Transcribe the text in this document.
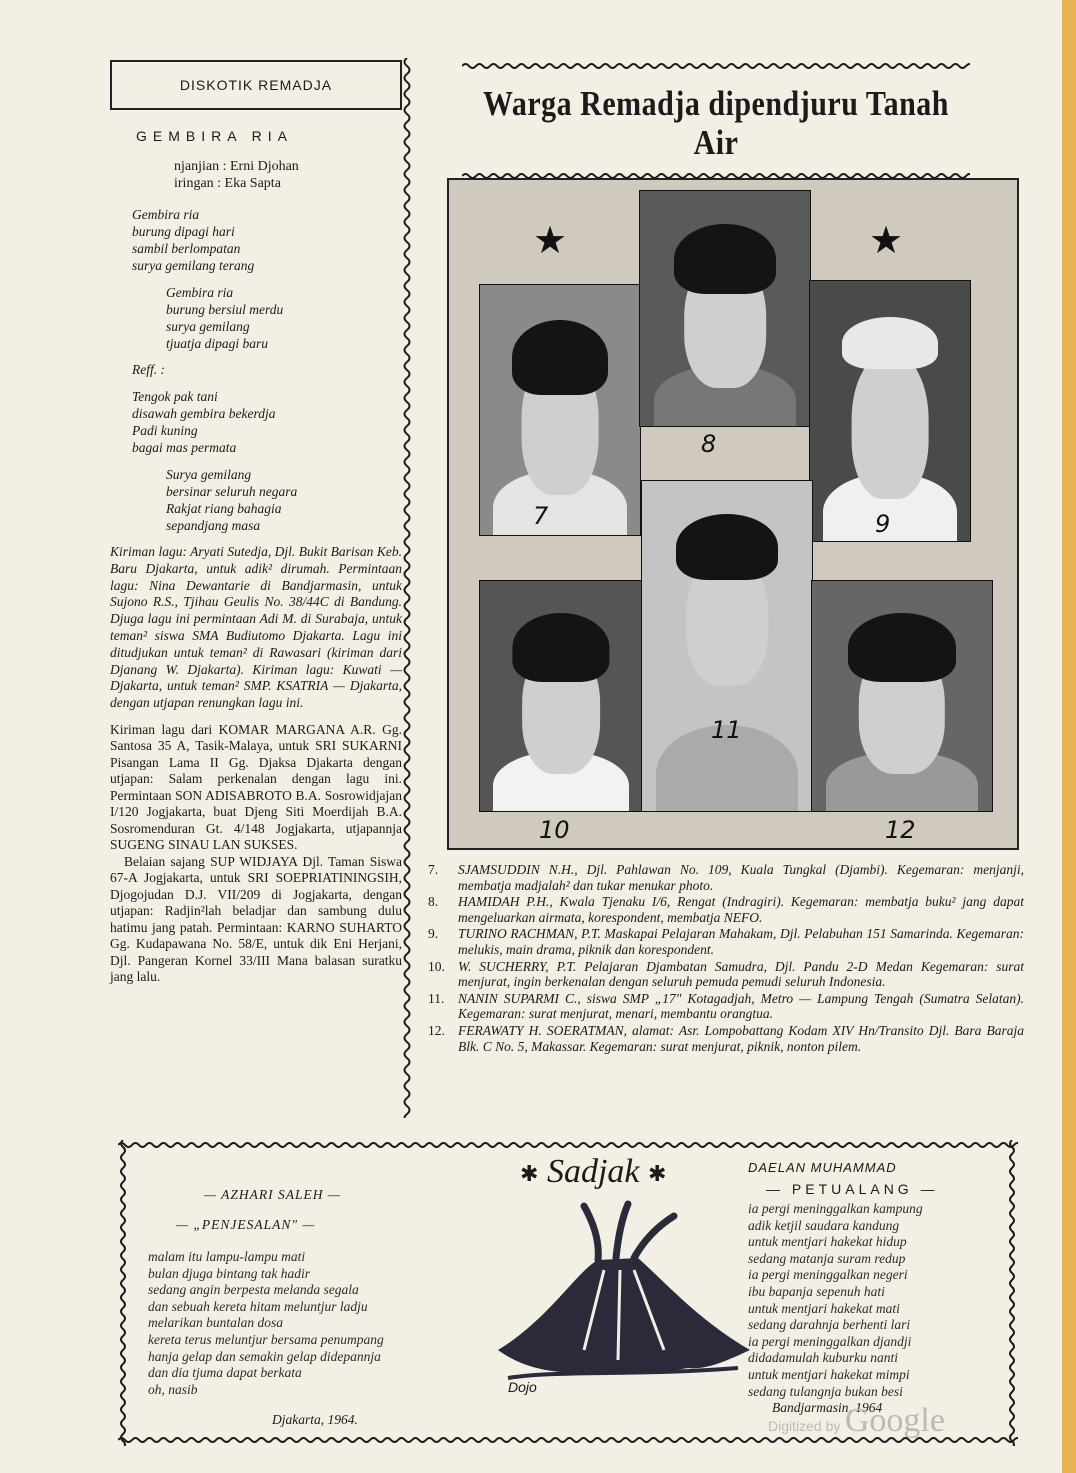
DISKOTIK REMADJA
GEMBIRA RIA
njanjian : Erni Djohan
iringan : Eka Sapta
Gembira ria
burung dipagi hari
sambil berlompatan
surya gemilang terang
Gembira ria
burung bersiul merdu
surya gemilang
tjuatja dipagi baru
Reff. :
Tengok pak tani
disawah gembira bekerdja
Padi kuning
bagai mas permata
Surya gemilang
bersinar seluruh negara
Rakjat riang bahagia
sepandjang masa
Kiriman lagu: Aryati Sutedja, Djl. Bukit Barisan Keb. Baru Djakarta, untuk adik² dirumah. Permintaan lagu: Nina Dewantarie di Bandjarmasin, untuk Sujono R.S., Tjihau Geulis No. 38/44C di Bandung. Djuga lagu ini permintaan Adi M. di Surabaja, untuk teman² siswa SMA Budiutomo Djakarta. Lagu ini ditudjukan untuk teman² di Rawasari (kiriman dari Djanang W. Djakarta). Kiriman lagu: Kuwati — Djakarta, untuk teman² SMP. KSATRIA — Djakarta, dengan utjapan renungkan lagu ini.
Kiriman lagu dari KOMAR MARGANA A.R. Gg. Santosa 35 A, Tasik-Malaya, untuk SRI SUKARNI Pisangan Lama II Gg. Djaksa Djakarta dengan utjapan: Salam perkenalan dengan lagu ini. Permintaan SON ADISABROTO B.A. Sosrowidjajan I/120 Jogjakarta, buat Djeng Siti Moerdijah B.A. Sosromenduran Gt. 4/148 Jogjakarta, utjapannja SUGENG SINAU LAN SUKSES.
Belaian sajang SUP WIDJAYA Djl. Taman Siswa 67-A Jogjakarta, untuk SRI SOEPRIATININGSIH, Djogojudan D.J. VII/209 di Jogjakarta, dengan utjapan: Radjin²lah beladjar dan sambung dulu hatimu jang patah. Permintaan: KARNO SUHARTO Gg. Kudapawana No. 58/E, untuk dik Eni Herjani, Djl. Pangeran Kornel 33/III Mana balasan suratku jang lalu.
Warga Remadja dipendjuru Tanah Air
★	★
7
8
9
10
11
12
7.	SJAMSUDDIN N.H., Djl. Pahlawan No. 109, Kuala Tungkal (Djambi). Kegemaran: menjanji, membatja madjalah² dan tukar menukar photo.
8.	HAMIDAH P.H., Kwala Tjenaku I/6, Rengat (Indragiri). Kegemaran: membatja buku² jang dapat mengeluarkan airmata, korespondent, membatja NEFO.
9.	TURINO RACHMAN, P.T. Maskapai Pelajaran Mahakam, Djl. Pelabuhan 151 Samarinda. Kegemaran: melukis, main drama, piknik dan korespondent.
10. W. SUCHERRY, P.T. Pelajaran Djambatan Samudra, Djl. Pandu 2-D Medan Kegemaran: surat menjurat, ingin berkenalan dengan seluruh pemuda pemudi seluruh Indonesia.
11.	NANIN SUPARMI C., siswa SMP „17" Kotagadjah, Metro — Lampung Tengah (Sumatra Selatan). Kegemaran: surat menjurat, menari, membantu orangtua.
12. FERAWATY H. SOERATMAN, alamat: Asr. Lompobattang Kodam XIV Hn/Transito Djl. Bara Baraja Blk. C No. 5, Makassar. Kegemaran: surat menjurat, piknik, nonton pilem.
✱ Sadjak ✱
— AZHARI SALEH —
— „PENJESALAN" —
malam itu lampu-lampu mati
bulan djuga bintang tak hadir
sedang angin berpesta melanda segala
dan sebuah kereta hitam meluntjur ladju
melarikan buntalan dosa
kereta terus meluntjur bersama penumpang
hanja gelap dan semakin gelap didepannja
dan dia tjuma dapat berkata
oh, nasib
Djakarta, 1964.
Dojo
DAELAN MUHAMMAD
— PETUALANG —
ia pergi meninggalkan kampung
adik ketjil saudara kandung
untuk mentjari hakekat hidup
sedang matanja suram redup
ia pergi meninggalkan negeri
ibu bapanja sepenuh hati
untuk mentjari hakekat mati
sedang darahnja berhenti lari
ia pergi meninggalkan djandji
didadamulah kuburku nanti
untuk mentjari hakekat mimpi
sedang tulangnja bukan besi
Bandjarmasin, 1964
Digitized by Google
